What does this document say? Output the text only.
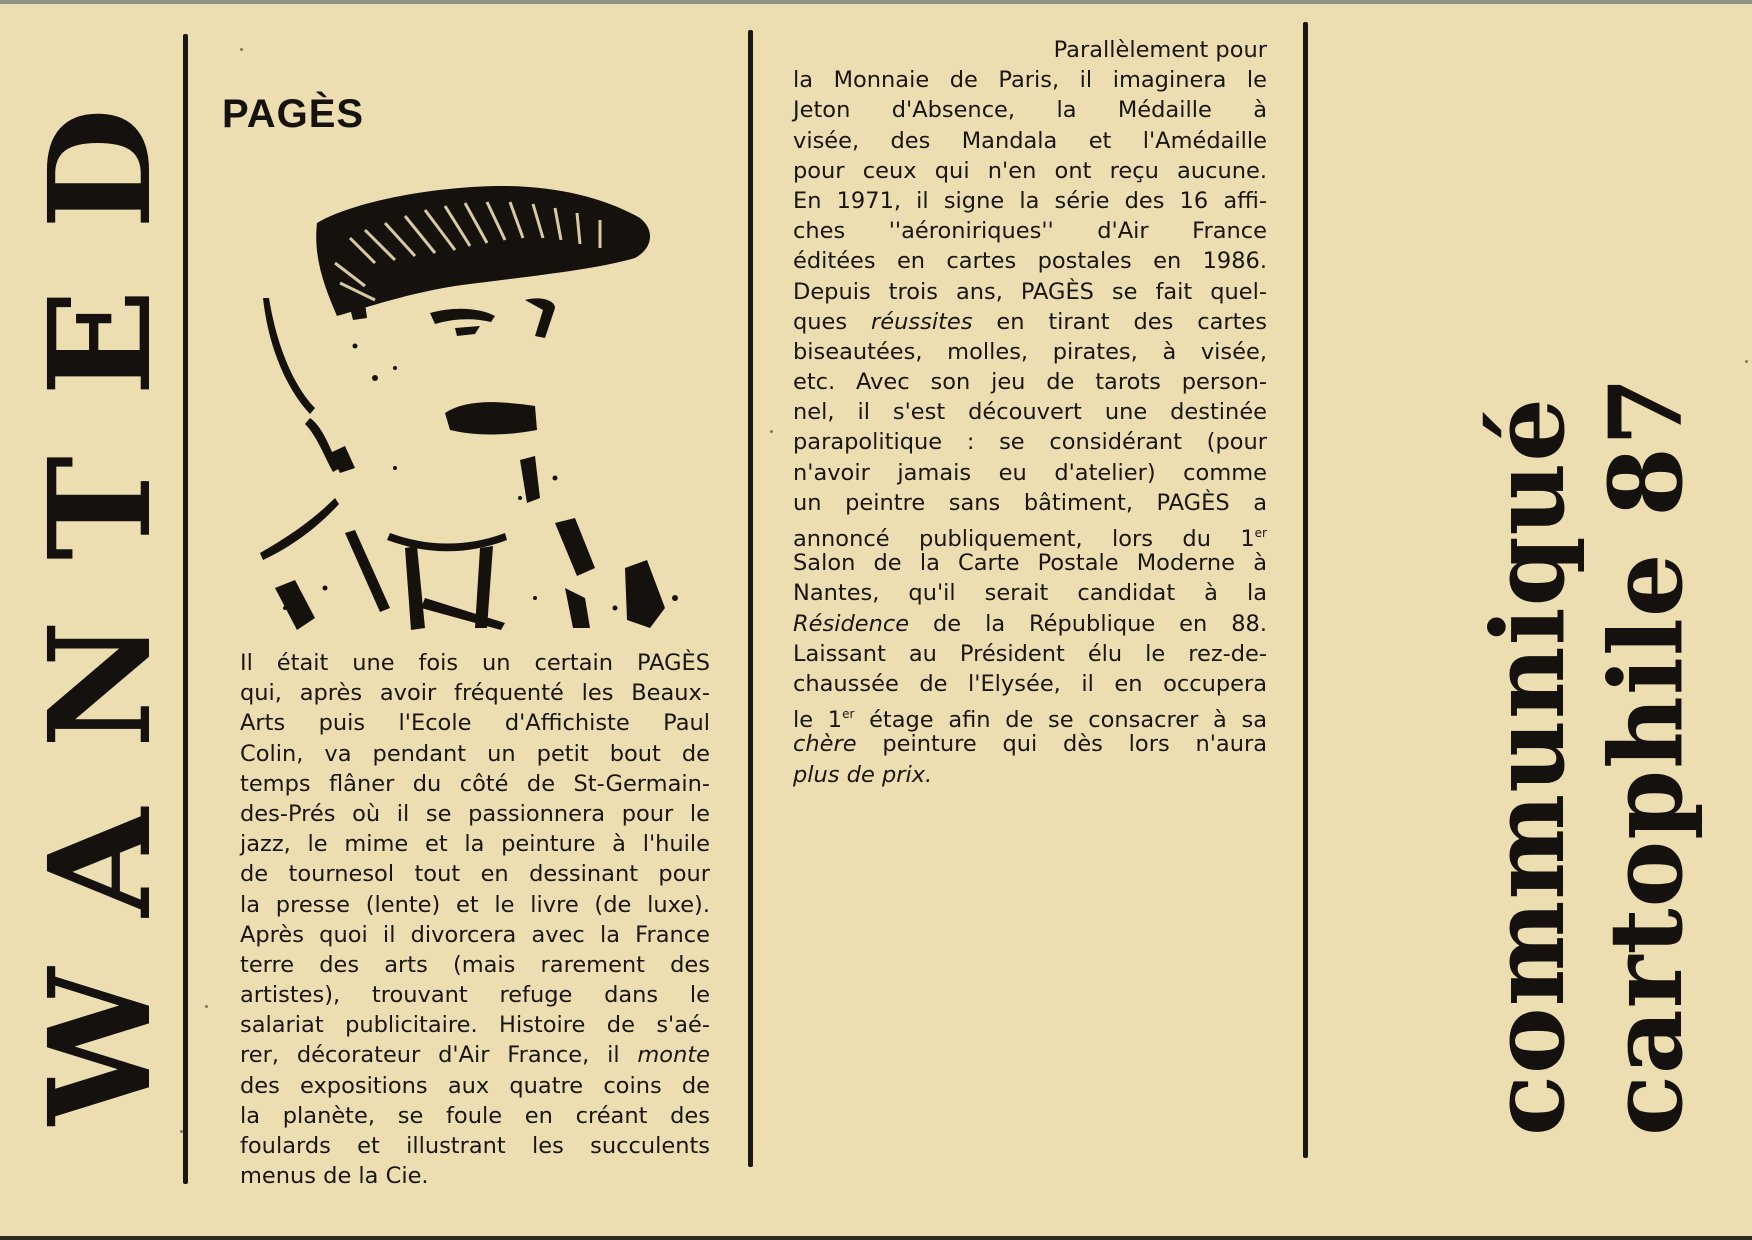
WANTED PAGÈS
Il était une fois un certain PAGÈS
qui, après avoir fréquenté les Beaux-
Arts puis l'Ecole d'Affichiste Paul
Colin, va pendant un petit bout de
temps flâner du côté de St-Germain-
des-Prés où il se passionnera pour le
jazz, le mime et la peinture à l'huile
de tournesol tout en dessinant pour
la presse (lente) et le livre (de luxe).
Après quoi il divorcera avec la France
terre des arts (mais rarement des
artistes), trouvant refuge dans le
salariat publicitaire. Histoire de s'aé-
rer, décorateur d'Air France, il monte
des expositions aux quatre coins de
la planète, se foule en créant des
foulards et illustrant les succulents
menus de la Cie.
Parallèlement pour
la Monnaie de Paris, il imaginera le
Jeton d'Absence, la Médaille à
visée, des Mandala et l'Amédaille
pour ceux qui n'en ont reçu aucune.
En 1971, il signe la série des 16 affi-
ches ''aéroniriques'' d'Air France
éditées en cartes postales en 1986.
Depuis trois ans, PAGÈS se fait quel-
ques réussites en tirant des cartes
biseautées, molles, pirates, à visée,
etc. Avec son jeu de tarots person-
nel, il s'est découvert une destinée
parapolitique : se considérant (pour
n'avoir jamais eu d'atelier) comme
un peintre sans bâtiment, PAGÈS a
annoncé publiquement, lors du 1er
Salon de la Carte Postale Moderne à
Nantes, qu'il serait candidat à la
Résidence de la République en 88.
Laissant au Président élu le rez-de-
chaussée de l'Elysée, il en occupera
le 1er étage afin de se consacrer à sa
chère peinture qui dès lors n'aura
plus de prix.	communiqué cartophile 87
